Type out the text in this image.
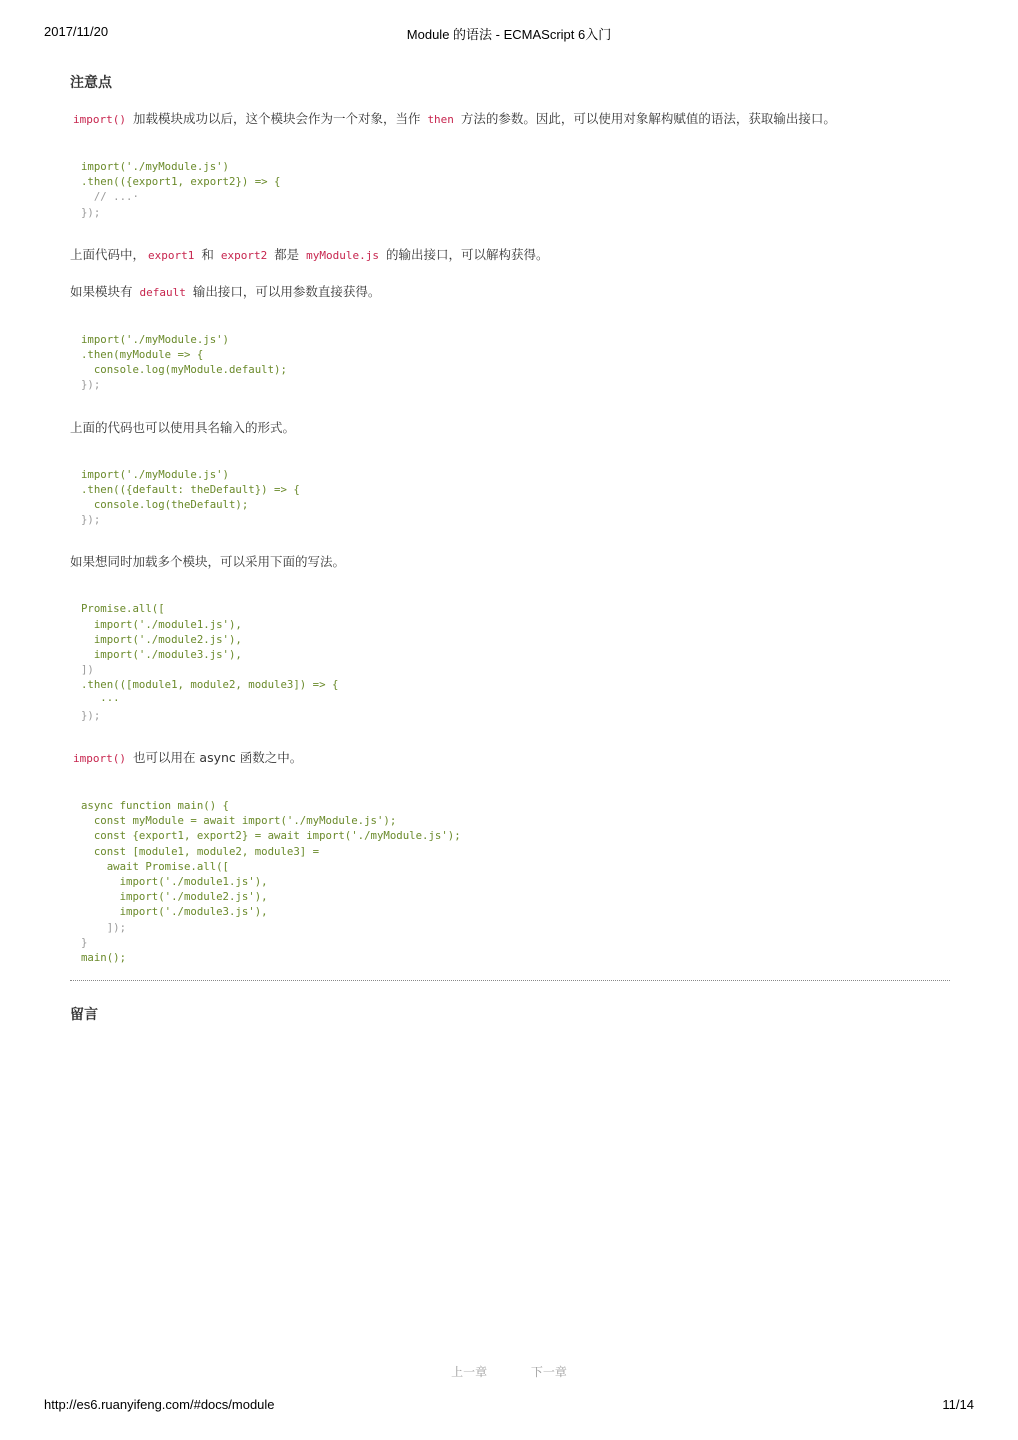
2017/11/20	Module 的语法 - ECMAScript 6入门
注意点

import() 加载模块成功以后，这个模块会作为一个对象，当作 then 方法的参数。因此，可以使用对象解构赋值的语法，获取输出接口。

import('./myModule.js')
.then(({export1, export2}) => {
// ...·
});

上面代码中， export1 和 export2 都是 myModule.js 的输出接口，可以解构获得。

如果模块有 default 输出接口，可以用参数直接获得。

import('./myModule.js')
.then(myModule => {
console.log(myModule.default);
});

上面的代码也可以使用具名输入的形式。

import('./myModule.js')
.then(({default: theDefault}) => {
console.log(theDefault);
});

如果想同时加载多个模块，可以采用下面的写法。

Promise.all([
import('./module1.js'),
import('./module2.js'),
import('./module3.js'),
])
.then(([module1, module2, module3]) => {
···
});

import() 也可以用在 async 函数之中。

async function main() {
const myModule = await import('./myModule.js');
const {export1, export2} = await import('./myModule.js');
const [module1, module2, module3] =
await Promise.all([
import('./module1.js'),
import('./module2.js'),
import('./module3.js'),
]);
}
main();
留言
上一章	下一章
http://es6.ruanyifeng.com/#docs/module	11/14
